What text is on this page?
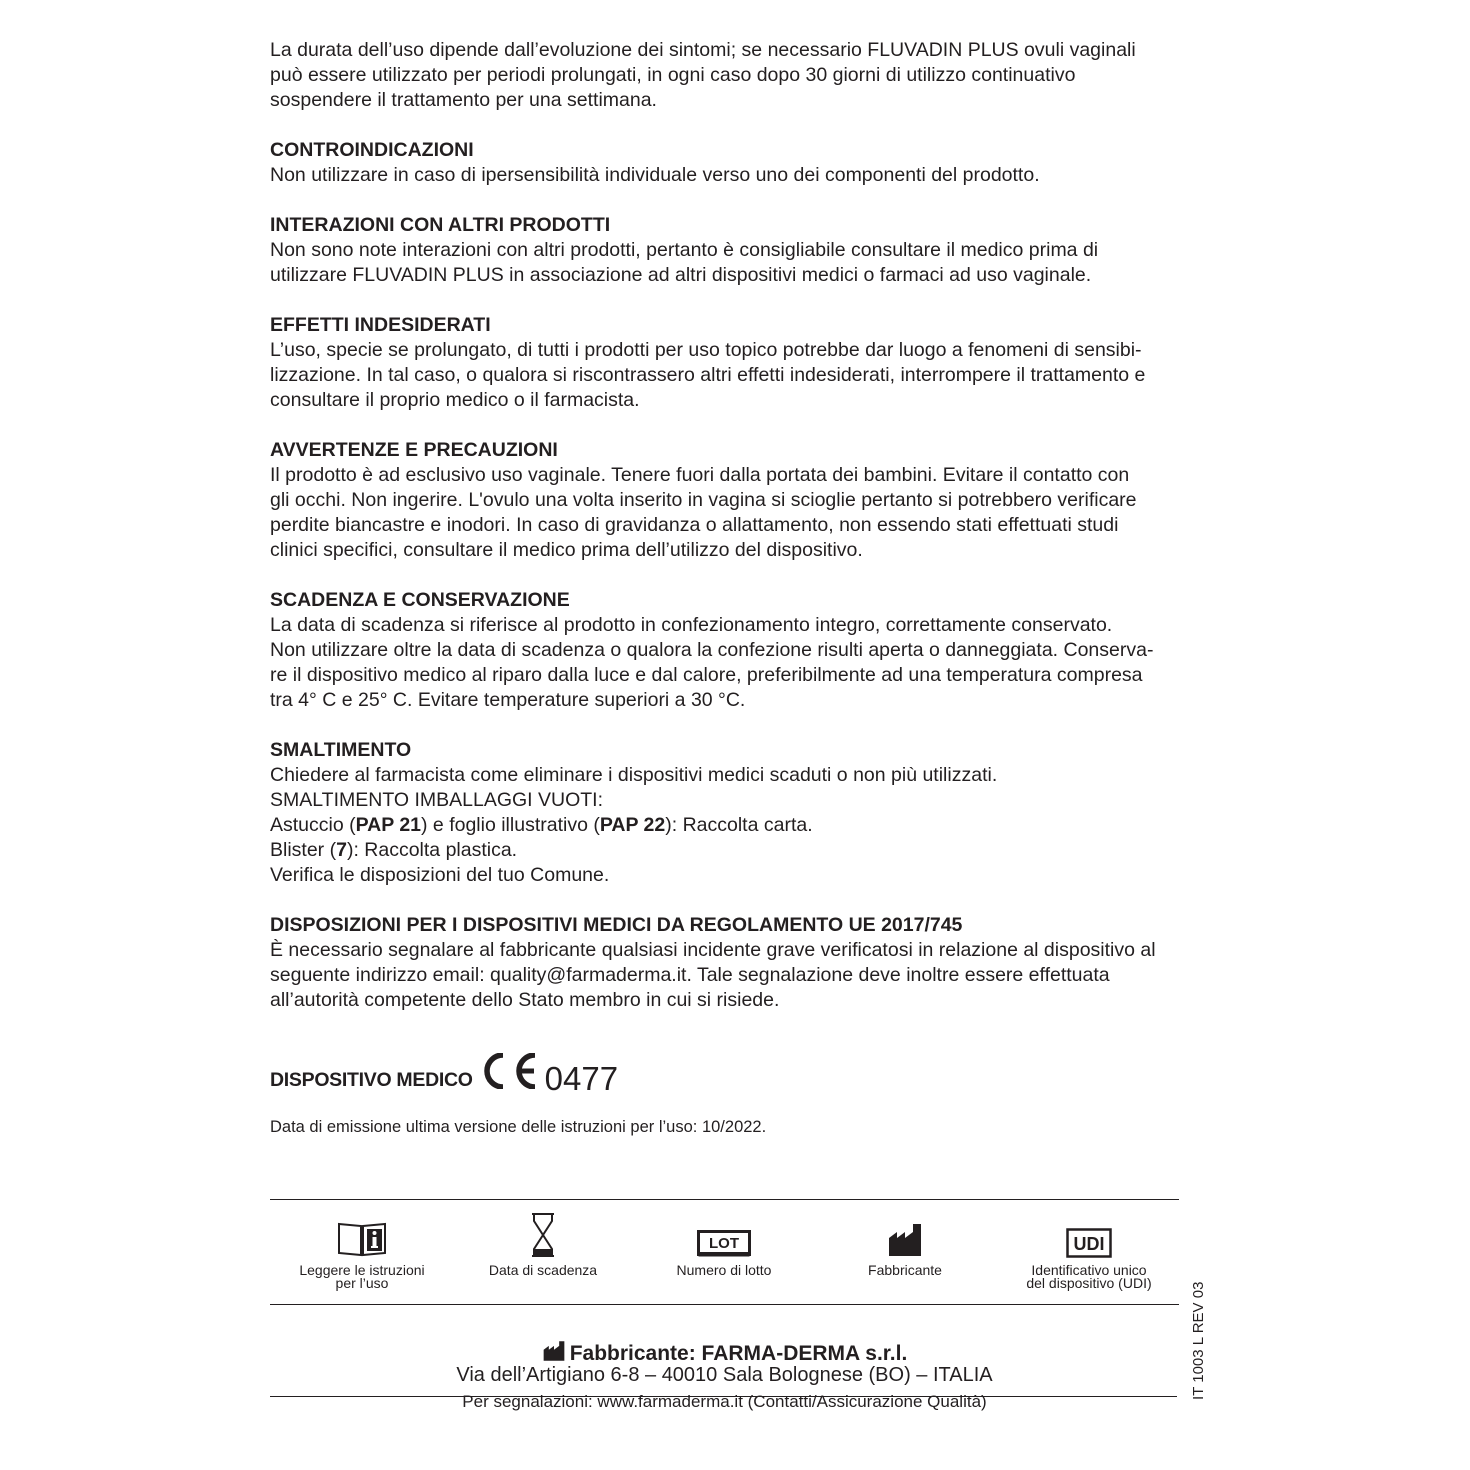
La durata dell’uso dipende dall’evoluzione dei sintomi; se necessario FLUVADIN PLUS ovuli vaginali
può essere utilizzato per periodi prolungati, in ogni caso dopo 30 giorni di utilizzo continuativo
sospendere il trattamento per una settimana.

CONTROINDICAZIONI

Non utilizzare in caso di ipersensibilità individuale verso uno dei componenti del prodotto.

INTERAZIONI CON ALTRI PRODOTTI

Non sono note interazioni con altri prodotti, pertanto è consigliabile consultare il medico prima di
utilizzare FLUVADIN PLUS in associazione ad altri dispositivi medici o farmaci ad uso vaginale.

EFFETTI INDESIDERATI

L’uso, specie se prolungato, di tutti i prodotti per uso topico potrebbe dar luogo a fenomeni di sensibi-
lizzazione. In tal caso, o qualora si riscontrassero altri effetti indesiderati, interrompere il trattamento e
consultare il proprio medico o il farmacista.

AVVERTENZE E PRECAUZIONI

Il prodotto è ad esclusivo uso vaginale. Tenere fuori dalla portata dei bambini. Evitare il contatto con
gli occhi. Non ingerire. L'ovulo una volta inserito in vagina si scioglie pertanto si potrebbero verificare
perdite biancastre e inodori. In caso di gravidanza o allattamento, non essendo stati effettuati studi
clinici specifici, consultare il medico prima dell’utilizzo del dispositivo.

SCADENZA E CONSERVAZIONE

La data di scadenza si riferisce al prodotto in confezionamento integro, correttamente conservato.
Non utilizzare oltre la data di scadenza o qualora la confezione risulti aperta o danneggiata. Conserva-
re il dispositivo medico al riparo dalla luce e dal calore, preferibilmente ad una temperatura compresa
tra 4° C e 25° C. Evitare temperature superiori a 30 °C.

SMALTIMENTO

Chiedere al farmacista come eliminare i dispositivi medici scaduti o non più utilizzati.
SMALTIMENTO IMBALLAGGI VUOTI:
Astuccio (PAP 21) e foglio illustrativo (PAP 22): Raccolta carta.
Blister (7): Raccolta plastica.
Verifica le disposizioni del tuo Comune.

DISPOSIZIONI PER I DISPOSITIVI MEDICI DA REGOLAMENTO UE 2017/745

È necessario segnalare al fabbricante qualsiasi incidente grave verificatosi in relazione al dispositivo al
seguente indirizzo email: quality@farmaderma.it. Tale segnalazione deve inoltre essere effettuata
all’autorità competente dello Stato membro in cui si risiede.

DISPOSITIVO MEDICO 0477
Data di emissione ultima versione delle istruzioni per l’uso: 10/2022.
Leggere le istruzioni
per l’uso
Data di scadenza
LOT
Numero di lotto	Fabbricante
UDI
Identificativo unico
del dispositivo (UDI)
Fabbricante: FARMA-DERMA s.r.l.
Via dell’Artigiano 6-8 – 40010 Sala Bolognese (BO) – ITALIA
Per segnalazioni: www.farmaderma.it (Contatti/Assicurazione Qualità)
IT 1003 L REV 03
